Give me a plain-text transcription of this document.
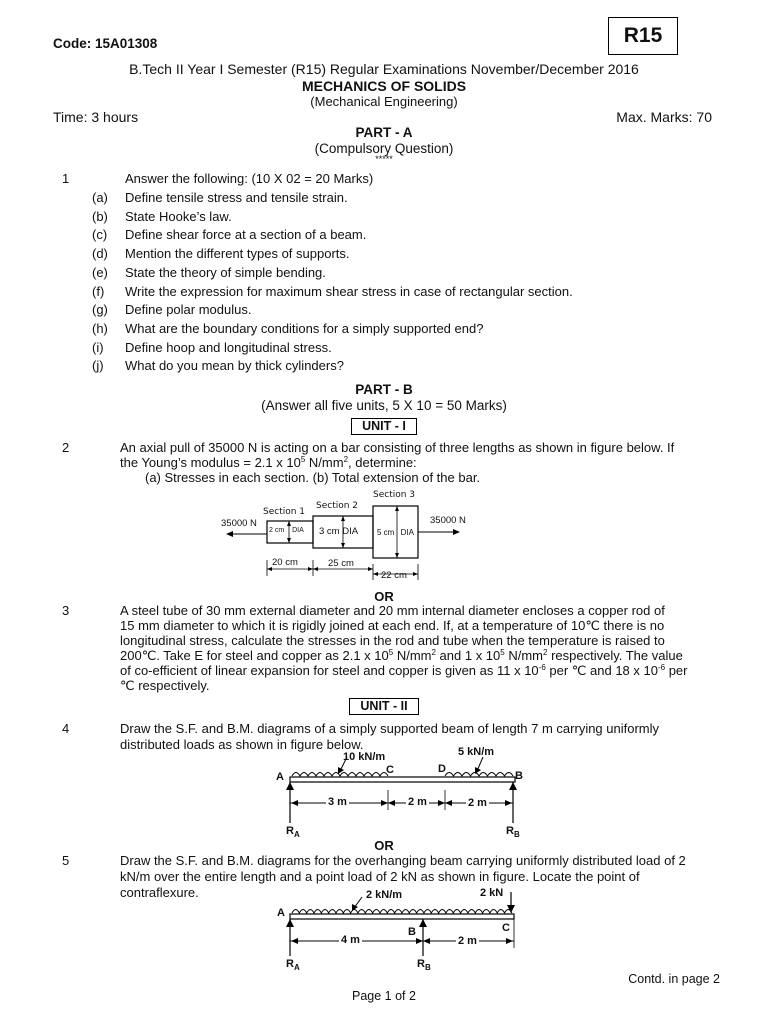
Code: 15A01308	R15
B.Tech II Year I Semester (R15) Regular Examinations November/December 2016
MECHANICS OF SOLIDS
(Mechanical Engineering)
Time: 3 hours	Max. Marks: 70
PART - A
(Compulsory Question)
*****
1	Answer the following: (10 X 02 = 20 Marks)
(a) Define tensile stress and tensile strain.
(b) State Hooke’s law.
(c) Define shear force at a section of a beam.
(d) Mention the different types of supports.
(e) State the theory of simple bending.
(f) Write the expression for maximum shear stress in case of rectangular section.
(g) Define polar modulus.
(h) What are the boundary conditions for a simply supported end?
(i) Define hoop and longitudinal stress.
(j) What do you mean by thick cylinders?
PART - B
(Answer all five units, 5 X 10 = 50 Marks)
UNIT - I
2	An axial pull of 35000 N is acting on a bar consisting of three lengths as shown in figure below. If
the Young’s modulus = 2.1 x $10^5$ $N/mm^2$, determine:
(a) Stresses in each section. (b) Total extension of the bar.
35000 N	35000 N
Section 1
Section 2
Section 3
2 cm DIA 3 cm DIA 5 cm DIA
20 cm	25 cm
22 cm
OR
3	A steel tube of 30 mm external diameter and 20 mm internal diameter encloses a copper rod of
15 mm diameter to which it is rigidly joined at each end. If, at a temperature of 10℃ there is no
longitudinal stress, calculate the stresses in the rod and tube when the temperature is raised to
200℃. Take E for steel and copper as 2.1 x $10^5$ $N/mm^2$ and 1 x $10^5$ $N/mm^2$ respectively. The value
of co-efficient of linear expansion for steel and copper is given as 11 x $10^{-6}$ per ℃ and 18 x $10^{-6}$ per
℃ respectively.
UNIT - II
4	Draw the S.F. and B.M. diagrams of a simply supported beam of length 7 m carrying uniformly
distributed loads as shown in figure below.
10 kN/m	5 kN/m
A	B
C	D
3 m	2 m	2 m
$R_A$	$R_B$
OR
5	Draw the S.F. and B.M. diagrams for the overhanging beam carrying uniformly distributed load of 2
kN/m over the entire length and a point load of 2 kN as shown in figure. Locate the point of
contraflexure.	2 kN/m	2 kN
A
B	C
4 m	2 m
$R_A$	$R_B$
Contd. in page 2
Page 1 of 2
